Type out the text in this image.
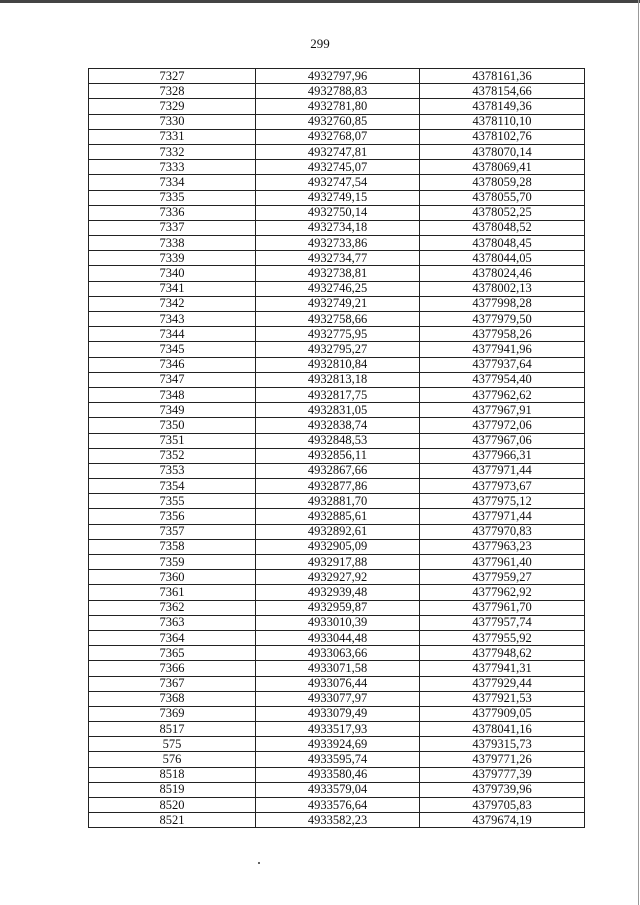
299
7327	4932797,96	4378161,36
7328	4932788,83	4378154,66
7329	4932781,80	4378149,36
7330	4932760,85	4378110,10
7331	4932768,07	4378102,76
7332	4932747,81	4378070,14
7333	4932745,07	4378069,41
7334	4932747,54	4378059,28
7335	4932749,15	4378055,70
7336	4932750,14	4378052,25
7337	4932734,18	4378048,52
7338	4932733,86	4378048,45
7339	4932734,77	4378044,05
7340	4932738,81	4378024,46
7341	4932746,25	4378002,13
7342	4932749,21	4377998,28
7343	4932758,66	4377979,50
7344	4932775,95	4377958,26
7345	4932795,27	4377941,96
7346	4932810,84	4377937,64
7347	4932813,18	4377954,40
7348	4932817,75	4377962,62
7349	4932831,05	4377967,91
7350	4932838,74	4377972,06
7351	4932848,53	4377967,06
7352	4932856,11	4377966,31
7353	4932867,66	4377971,44
7354	4932877,86	4377973,67
7355	4932881,70	4377975,12
7356	4932885,61	4377971,44
7357	4932892,61	4377970,83
7358	4932905,09	4377963,23
7359	4932917,88	4377961,40
7360	4932927,92	4377959,27
7361	4932939,48	4377962,92
7362	4932959,87	4377961,70
7363	4933010,39	4377957,74
7364	4933044,48	4377955,92
7365	4933063,66	4377948,62
7366	4933071,58	4377941,31
7367	4933076,44	4377929,44
7368	4933077,97	4377921,53
7369	4933079,49	4377909,05
8517	4933517,93	4378041,16
575	4933924,69	4379315,73
576	4933595,74	4379771,26
8518	4933580,46	4379777,39
8519	4933579,04	4379739,96
8520	4933576,64	4379705,83
8521	4933582,23	4379674,19
